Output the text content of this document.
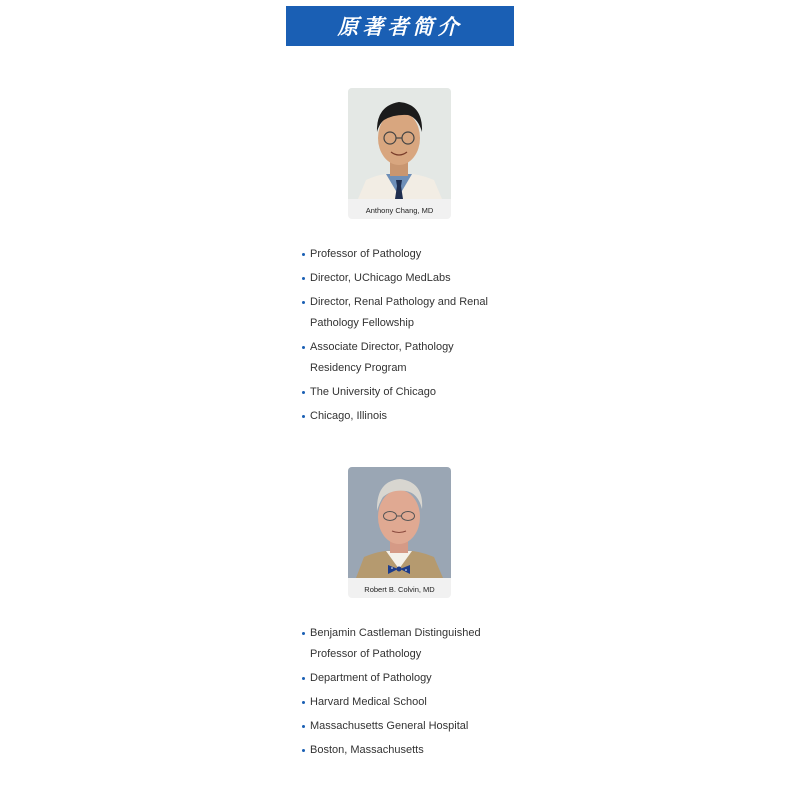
原著者简介
Anthony Chang, MD
Professor of Pathology
Director, UChicago MedLabs
Director, Renal Pathology and Renal Pathology Fellowship
Associate Director, Pathology Residency Program
The University of Chicago
Chicago, Illinois
Robert B. Colvin, MD
Benjamin Castleman Distinguished Professor of Pathology
Department of Pathology
Harvard Medical School
Massachusetts General Hospital
Boston, Massachusetts
